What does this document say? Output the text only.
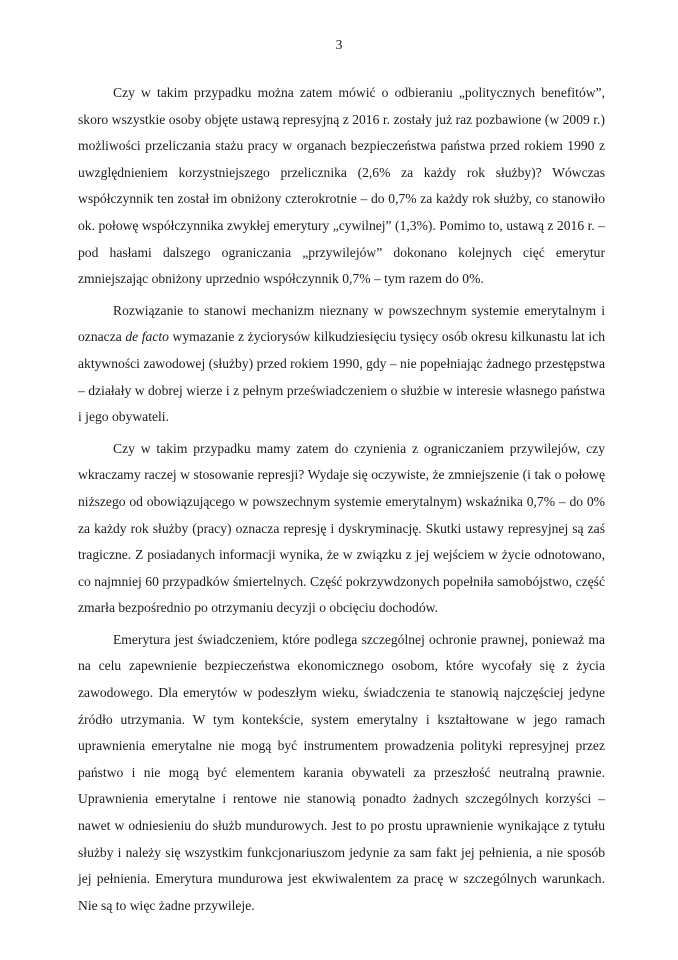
3

Czy w takim przypadku można zatem mówić o odbieraniu „politycznych benefitów”, skoro wszystkie osoby objęte ustawą represyjną z 2016 r. zostały już raz pozbawione (w 2009 r.) możliwości przeliczania stażu pracy w organach bezpieczeństwa państwa przed rokiem 1990 z uwzględnieniem korzystniejszego przelicznika (2,6% za każdy rok służby)? Wówczas współczynnik ten został im obniżony czterokrotnie – do 0,7% za każdy rok służby, co stanowiło ok. połowę współczynnika zwykłej emerytury „cywilnej” (1,3%). Pomimo to, ustawą z 2016 r. – pod hasłami dalszego ograniczania „przywilejów” dokonano kolejnych cięć emerytur zmniejszając obniżony uprzednio współczynnik 0,7% – tym razem do 0%.

Rozwiązanie to stanowi mechanizm nieznany w powszechnym systemie emerytalnym i oznacza de facto wymazanie z życiorysów kilkudziesięciu tysięcy osób okresu kilkunastu lat ich aktywności zawodowej (służby) przed rokiem 1990, gdy – nie popełniając żadnego przestępstwa – działały w dobrej wierze i z pełnym przeświadczeniem o służbie w interesie własnego państwa i jego obywateli.

Czy w takim przypadku mamy zatem do czynienia z ograniczaniem przywilejów, czy wkraczamy raczej w stosowanie represji? Wydaje się oczywiste, że zmniejszenie (i tak o połowę niższego od obowiązującego w powszechnym systemie emerytalnym) wskaźnika 0,7% – do 0% za każdy rok służby (pracy) oznacza represję i dyskryminację. Skutki ustawy represyjnej są zaś tragiczne. Z posiadanych informacji wynika, że w związku z jej wejściem w życie odnotowano, co najmniej 60 przypadków śmiertelnych. Część pokrzywdzonych popełniła samobójstwo, część zmarła bezpośrednio po otrzymaniu decyzji o obcięciu dochodów.

Emerytura jest świadczeniem, które podlega szczególnej ochronie prawnej, ponieważ ma na celu zapewnienie bezpieczeństwa ekonomicznego osobom, które wycofały się z życia zawodowego. Dla emerytów w podeszłym wieku, świadczenia te stanowią najczęściej jedyne źródło utrzymania. W tym kontekście, system emerytalny i kształtowane w jego ramach uprawnienia emerytalne nie mogą być instrumentem prowadzenia polityki represyjnej przez państwo i nie mogą być elementem karania obywateli za przeszłość neutralną prawnie. Uprawnienia emerytalne i rentowe nie stanowią ponadto żadnych szczególnych korzyści – nawet w odniesieniu do służb mundurowych. Jest to po prostu uprawnienie wynikające z tytułu służby i należy się wszystkim funkcjonariuszom jedynie za sam fakt jej pełnienia, a nie sposób jej pełnienia. Emerytura mundurowa jest ekwiwalentem za pracę w szczególnych warunkach. Nie są to więc żadne przywileje.
